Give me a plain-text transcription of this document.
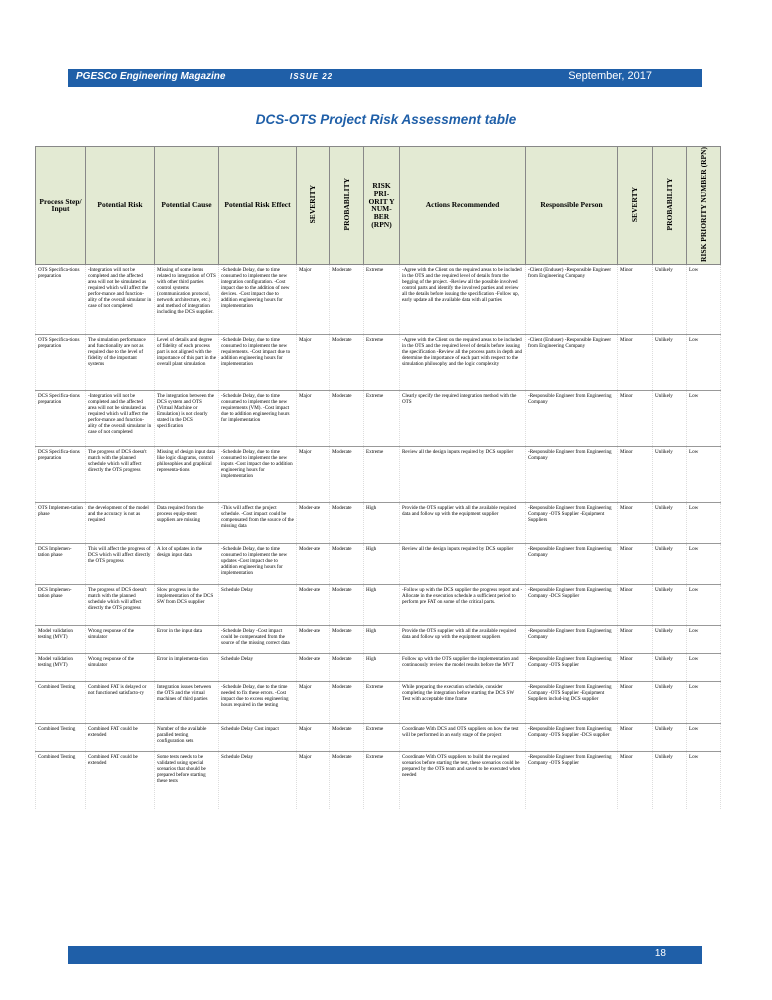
PGESCo Engineering Magazine	ISSUE 22	September, 2017
DCS-OTS Project Risk Assessment table
Process Step/ Input	Potential Risk	Potential Cause	Potential Risk Effect	SEVERITY	PROBABILITY	RISK PRI-ORIT Y NUM-BER (RPN)	Actions Recommended	Responsible Person	SEVERTY	PROBABILITY	RISK PRIORITY NUMBER (RPN)

OTS Specifica-tions preparation	-Integration will not be completed and the affected area will not be simulated as required which will affect the perfor-mance and function-ality of the overall simulator in case of not completed	Missing of some items related to integration of OTS with other third parties control systems (communication protocol, network architecture, etc.) and method of integration including the DCS supplier.	-Schedule Delay, due to time consumed to implement the new integration configuration. -Cost impact due to the addition of new devices. -Cost impact due to addition engineering hours for implementation	Major	Moderate	Extreme	-Agree with the Client on the required areas to be included in the OTS and the required level of details from the begging of the project. -Review all the possible involved control parts and identify the involved parties and review all the details before issuing the specification -Follow up, early update all the available data with all parties	-Client (Enduser) -Responsible Engineer from Engineering Company	Minor	Unlikely	Low

OTS Specifica-tions preparation	The simulation performance and functionality are not as required due to the level of fidelity of the important systems	Level of details and degree of fidelity of each process part is not aligned with the importance of this part in the overall plant simulation	-Schedule Delay, due to time consumed to implement the new requirements. -Cost impact due to addition engineering hours for implementation	Major	Moderate	Extreme	-Agree with the Client on the required areas to be included in the OTS and the required level of details before issuing the specification -Review all the process parts in depth and determine the importance of each part with respect to the simulation philosophy and the logic complexity	-Client (Enduser) -Responsible Engineer from Engineering Company	Minor	Unlikely	Low

DCS Specifica-tions preparation	-Integration will not be completed and the affected area will not be simulated as required which will affect the perfor-mance and function-ality of the overall simulator in case of not completed	The integration between the DCS system and OTS (Virtual Machine or Emulation) is not clearly stated in the DCS specification	-Schedule Delay, due to time consumed to implement the new requirements (VM). -Cost impact due to addition engineering hours for implementation	Major	Moderate	Extreme	Clearly specify the required integration method with the OTS	-Responsible Engineer from Engineering Company	Minor	Unlikely	Low

DCS Specifica-tions preparation	The progress of DCS doesn't match with the planned schedule which will affect directly the OTS progress	Missing of design input data like logic diagrams, control philosophies and graphical representa-tions	-Schedule Delay, due to time consumed to implement the new inputs -Cost impact due to addition engineering hours for implementation	Major	Moderate	Extreme	Review all the design inputs required by DCS supplier	-Responsible Engineer from Engineering Company	Minor	Unlikely	Low

OTS Implemen-tation phase	the development of the model and the accuracy is not as required	Data required from the process equip-ment suppliers are missing	-This will affect the project schedule. -Cost impact could be compensated from the source of the missing data	Moder-ate	Moderate	High	Provide the OTS supplier with all the available required data and follow up with the equipment supplier	-Responsible Engineer from Engineering Company -OTS Supplier -Equipment Suppliers	Minor	Unlikely	Low

DCS Implemen-tation phase	This will affect the progress of DCS which will affect directly the OTS progress	A lot of updates in the design input data	-Schedule Delay, due to time consumed to implement the new updates -Cost impact due to addition engineering hours for implementation	Moder-ate	Moderate	High	Review all the design inputs required by DCS supplier	-Responsible Engineer from Engineering Company	Minor	Unlikely	Low

DCS Implemen-tation phase	The progress of DCS doesn't match with the planned schedule which will affect directly the OTS progress	Slow progress in the implementation of the DCS SW from DCS supplier	Schedule Delay	Moder-ate	Moderate	High	-Follow up with the DCS supplier the progress report and -Allocate in the execution schedule a sufficient period to perform pre FAT on some of the critical parts.	-Responsible Engineer from Engineering Company -DCS Supplier	Minor	Unlikely	Low

Model validation testing (MVT)	Wrong response of the simulator	Error in the input data	-Schedule Delay -Cost impact could be compensated from the source of the missing correct data	Moder-ate	Moderate	High	Provide the OTS supplier with all the available required data and follow up with the equipment suppliers	-Responsible Engineer from Engineering Company	Minor	Unlikely	Low

Model validation testing (MVT)	Wrong response of the simulator	Error in implementa-tion	Schedule Delay	Moder-ate	Moderate	High	Follow up with the OTS supplier the implementation and continuously review the model results before the MVT	-Responsible Engineer from Engineering Company -OTS Supplier	Minor	Unlikely	Low

Combined Testing	Combined FAT is delayed or not functioned satisfacto-ry	Integration issues between the OTS and the virtual machines of third parties	-Schedule Delay, due to the time needed to fix these errors. -Cost impact due to excess engineering hours required in the testing	Major	Moderate	Extreme	While preparing the execution schedule, consider completing the integration before starting the DCS SW Test with acceptable time frame	-Responsible Engineer from Engineering Company -OTS Supplier -Equipment Suppliers includ-ing DCS supplier	Minor	Unlikely	Low

Combined Testing	Combined FAT could be extended	Number of the available paralled testing configuration sets	Schedule Delay Cost impact	Major	Moderate	Extreme	Coordinate With DCS and OTS suppliers on how the test will be performed in an early stage of the project	-Responsible Engineer from Engineering Company -OTS Supplier -DCS supplier	Minor	Unlikely	Low

Combined Testing	Combined FAT could be extended	Some tests needs to be validated using special scenarios that should be prepared before starting these tests	Schedule Delay	Major	Moderate	Extreme	Coordinate With OTS suppliers to build the required scenarios before starting the test, these scenarios could be prepared by the OTS team and saved to be executed when needed	-Responsible Engineer from Engineering Company -OTS Supplier	Minor	Unlikely	Low
18
